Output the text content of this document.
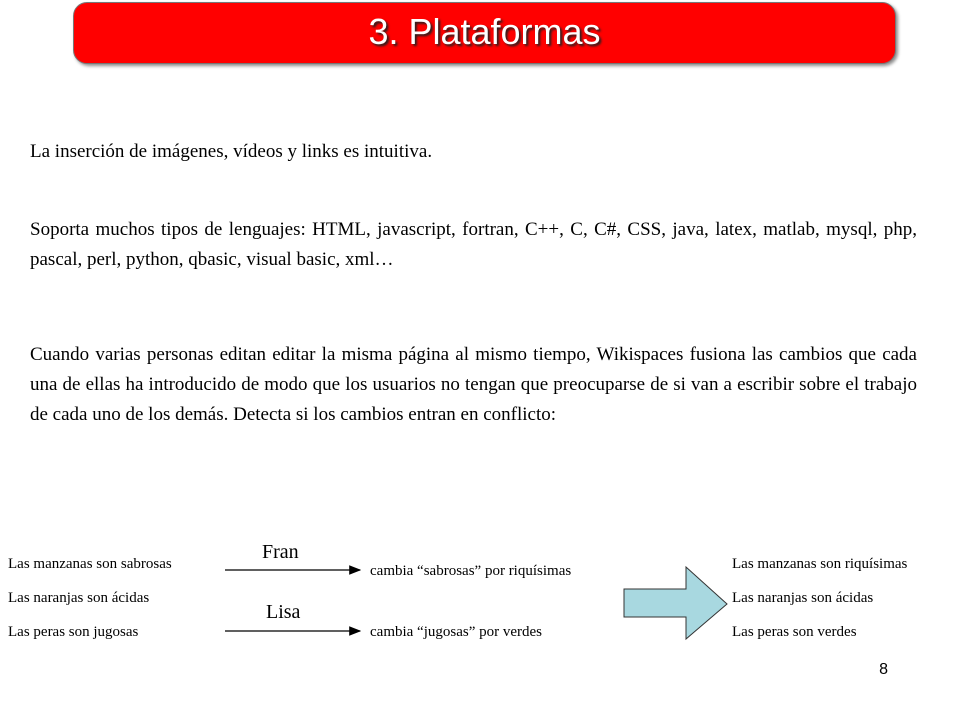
3. Plataformas

La inserción de imágenes, vídeos y links es intuitiva.

Soporta muchos tipos de lenguajes: HTML, javascript, fortran, C++, C, C#, CSS, java, latex, matlab, mysql, php, pascal, perl, python, qbasic, visual basic, xml…

Cuando varias personas editan editar la misma página al mismo tiempo, Wikispaces fusiona las cambios que cada una de ellas ha introducido de modo que los usuarios no tengan que preocuparse de si van a escribir sobre el trabajo de cada uno de los demás. Detecta si los cambios entran en conflicto:

Las manzanas son sabrosas
Las naranjas son ácidas
Las peras son jugosas
Fran
Lisa
cambia “sabrosas” por riquísimas
cambia “jugosas” por verdes
Las manzanas son riquísimas
Las naranjas son ácidas
Las peras son verdes
8
